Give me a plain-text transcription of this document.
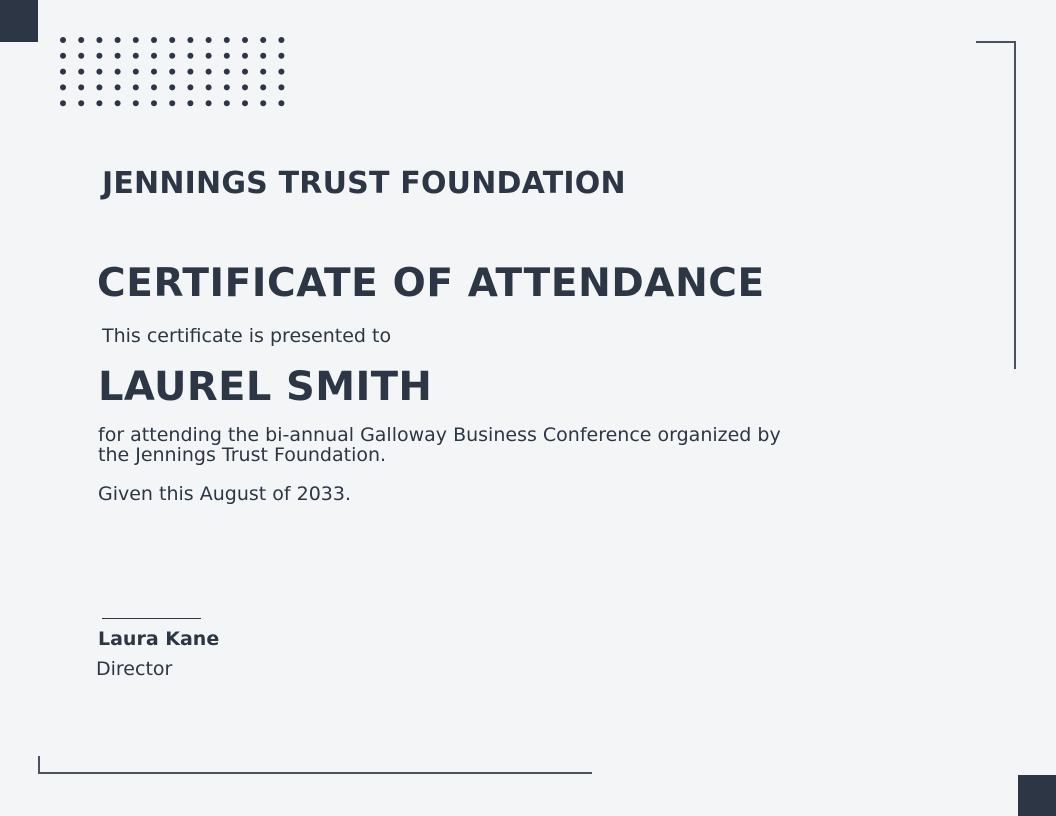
JENNINGS TRUST FOUNDATION
CERTIFICATE OF ATTENDANCE
This certificate is presented to
LAUREL SMITH
for attending the bi-annual Galloway Business Conference organized by the Jennings Trust Foundation.
Given this August of 2033.
Laura Kane
Director
